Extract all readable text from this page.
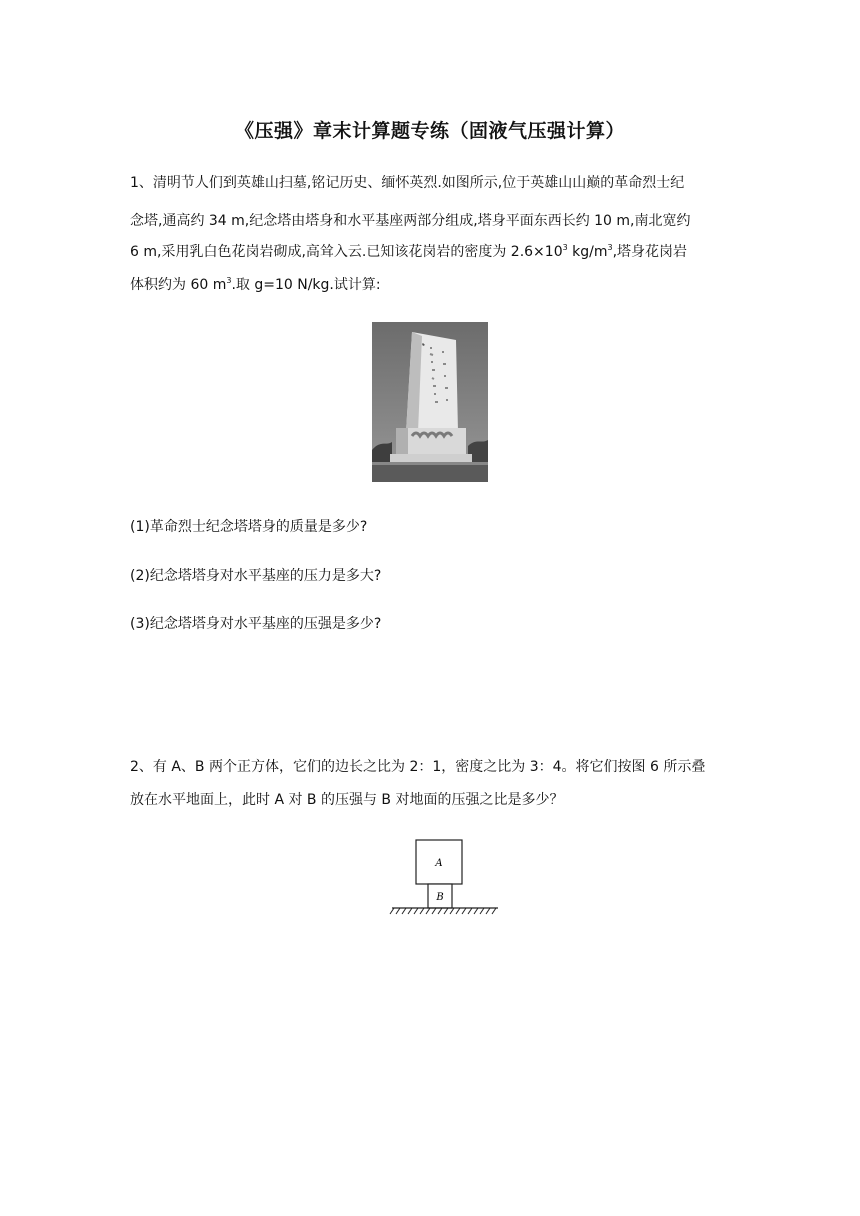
《压强》章末计算题专练（固液气压强计算）
1、清明节人们到英雄山扫墓,铭记历史、缅怀英烈.如图所示,位于英雄山山巅的革命烈士纪
念塔,通高约 34 m,纪念塔由塔身和水平基座两部分组成,塔身平面东西长约 10 m,南北宽约
6 m,采用乳白色花岗岩砌成,高耸入云.已知该花岗岩的密度为 $2.6\times 10^3$ $kg/m^3$,塔身花岗岩
体积约为 60 $m^3$.取 g=10 N/kg.试计算:
(1)革命烈士纪念塔塔身的质量是多少?
(2)纪念塔塔身对水平基座的压力是多大?
(3)纪念塔塔身对水平基座的压强是多少?
2、有 A、B 两个正方体，它们的边长之比为 2：1，密度之比为 3：4。将它们按图 6 所示叠
放在水平地面上，此时 A 对 B 的压强与 B 对地面的压强之比是多少？
A
B
